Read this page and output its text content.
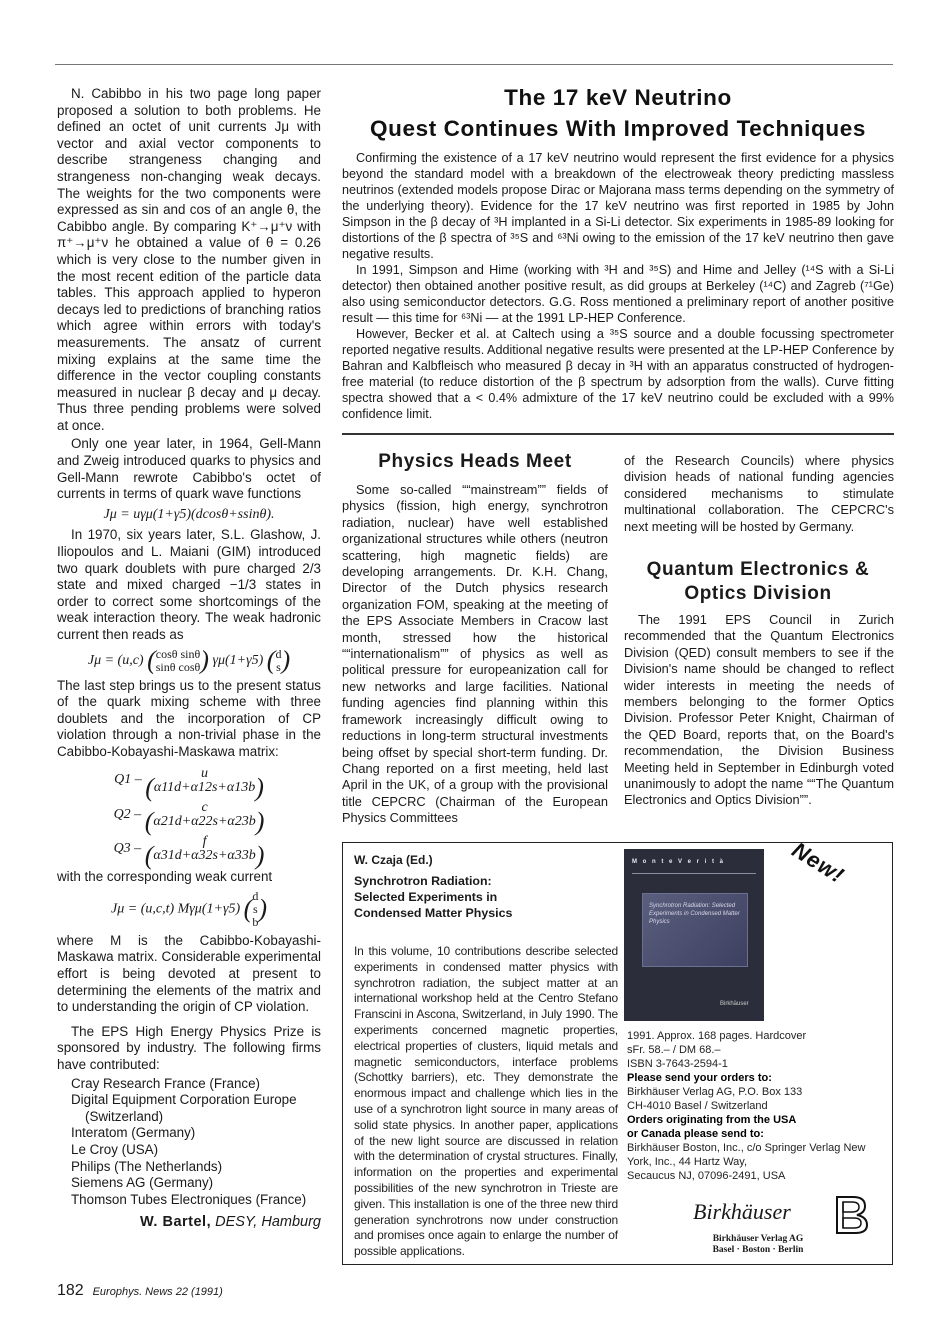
N. Cabibbo in his two page long paper proposed a solution to both problems. He defined an octet of unit currents Jμ with vector and axial vector components to describe strangeness changing and strangeness non-changing weak decays. The weights for the two components were expressed as sin and cos of an angle θ, the Cabibbo angle. By comparing K⁺→μ⁺ν with π⁺→μ⁺ν he obtained a value of θ = 0.26 which is very close to the number given in the most recent edition of the particle data tables. This approach applied to hyperon decays led to predictions of branching ratios which agree within errors with today's measurements. The ansatz of current mixing explains at the same time the difference in the vector coupling constants measured in nuclear β decay and μ decay. Thus three pending problems were solved at once.

Only one year later, in 1964, Gell-Mann and Zweig introduced quarks to physics and Gell-Mann rewrote Cabibbo's octet of currents in terms of quark wave functions

Jμ = uγμ(1+γ5)(dcosθ+ssinθ).

In 1970, six years later, S.L. Glashow, J. Iliopoulos and L. Maiani (GIM) introduced two quark doublets with pure charged 2/3 state and mixed charged −1/3 states in order to correct some shortcomings of the weak interaction theory. The weak hadronic current then reads as

Jμ = (u,c) (cosθ sinθ
sinθ cosθ) γμ(1+γ5) (d
s)

The last step brings us to the present status of the quark mixing scheme with three doublets and the incorporation of CP violation through a non-trivial phase in the Cabibbo-Kobayashi-Maskawa matrix:

Q1 –
	u
(α11d+α12s+α13b)
Q2 –
	c
(α21d+α22s+α23b)
Q3 –
	f
(α31d+α32s+α33b)

with the corresponding weak current

Jμ = (u,c,t) Mγμ(1+γ5) (d
s
b)

where M is the Cabibbo-Kobayashi-Maskawa matrix. Considerable experimental effort is being devoted at present to determining the elements of the matrix and to understanding the origin of CP violation.

The EPS High Energy Physics Prize is sponsored by industry. The following firms have contributed:

Cray Research France (France)
Digital Equipment Corporation Europe
(Switzerland)
Interatom (Germany)
Le Croy (USA)
Philips (The Netherlands)
Siemens AG (Germany)
Thomson Tubes Electroniques (France)
W. Bartel, DESY, Hamburg
182 Europhys. News 22 (1991)
The 17 keV Neutrino
Quest Continues With Improved Techniques

Confirming the existence of a 17 keV neutrino would represent the first evidence for a physics beyond the standard model with a breakdown of the electroweak theory predicting massless neutrinos (extended models propose Dirac or Majorana mass terms depending on the symmetry of the underlying theory). Evidence for the 17 keV neutrino was first reported in 1985 by John Simpson in the β decay of ³H implanted in a Si-Li detector. Six experiments in 1985-89 looking for distortions of the β spectra of ³⁵S and ⁶³Ni owing to the emission of the 17 keV neutrino then gave negative results.

In 1991, Simpson and Hime (working with ³H and ³⁵S) and Hime and Jelley (¹⁴S with a Si-Li detector) then obtained another positive result, as did groups at Berkeley (¹⁴C) and Zagreb (⁷¹Ge) also using semiconductor detectors. G.G. Ross mentioned a preliminary report of another positive result — this time for ⁶³Ni — at the 1991 LP-HEP Conference.

However, Becker et al. at Caltech using a ³⁵S source and a double focussing spectrometer reported negative results. Additional negative results were presented at the LP-HEP Conference by Bahran and Kalbfleisch who measured β decay in ³H with an apparatus constructed of hydrogen-free material (to reduce distortion of the β spectrum by adsorption from the walls). Curve fitting spectra showed that a < 0.4% admixture of the 17 keV neutrino could be excluded with a 99% confidence limit.

Physics Heads Meet

Some so-called ““mainstream”” fields of physics (fission, high energy, synchrotron radiation, nuclear) have well established organizational structures while others (neutron scattering, high magnetic fields) are developing arrangements. Dr. K.H. Chang, Director of the Dutch physics research organization FOM, speaking at the meeting of the EPS Associate Members in Cracow last month, stressed how the historical ““internationalism”” of physics as well as political pressure for europeanization call for new networks and large facilities. National funding agencies find planning within this framework increasingly difficult owing to reductions in long-term structural investments being offset by special short-term funding. Dr. Chang reported on a first meeting, held last April in the UK, of a group with the provisional title CEPCRC (Chairman of the European Physics Committees

of the Research Councils) where physics division heads of national funding agencies considered mechanisms to stimulate multinational collaboration. The CEPCRC's next meeting will be hosted by Germany.

Quantum Electronics &
Optics Division

The 1991 EPS Council in Zurich recommended that the Quantum Electronics Division (QED) consult members to see if the Division's name should be changed to reflect wider interests in meeting the needs of members belonging to the former Optics Division. Professor Peter Knight, Chairman of the QED Board, reports that, on the Board's recommendation, the Division Business Meeting held in September in Edinburgh voted unanimously to adopt the name ““The Quantum Electronics and Optics Division””.

W. Czaja (Ed.)
Synchrotron Radiation:
Selected Experiments in
Condensed Matter Physics
In this volume, 10 contributions describe selected experiments in condensed matter physics with synchrotron radiation, the subject matter at an international workshop held at the Centro Stefano Franscini in Ascona, Switzerland, in July 1990. The experiments concerned magnetic properties, electrical properties of clusters, liquid metals and magnetic semiconductors, interface problems (Schottky barriers), etc. They demonstrate the enormous impact and challenge which lies in the use of a synchrotron light source in many areas of solid state physics. In another paper, applications of the new light source are discussed in relation with the determination of crystal structures. Finally, information on the properties and experimental possibilities of the new synchrotron in Trieste are given. This installation is one of the three new third generation synchrotrons now under construction and promises once again to enlarge the number of possible applications.
M o n t e V e r i t à
Synchrotron Radiation: Selected Experiments in Condensed Matter Physics
Birkhäuser
New!
1991. Approx. 168 pages. Hardcover
sFr. 58.– / DM 68.–
ISBN 3-7643-2594-1
Please send your orders to:
Birkhäuser Verlag AG, P.O. Box 133
CH-4010 Basel / Switzerland
Orders originating from the USA
or Canada please send to:
Birkhäuser Boston, Inc., c/o Springer Verlag New
York, Inc., 44 Hartz Way,
Secaucus NJ, 07096-2491, USA
Birkhäuser
Birkhäuser Verlag AG
Basel · Boston · Berlin
